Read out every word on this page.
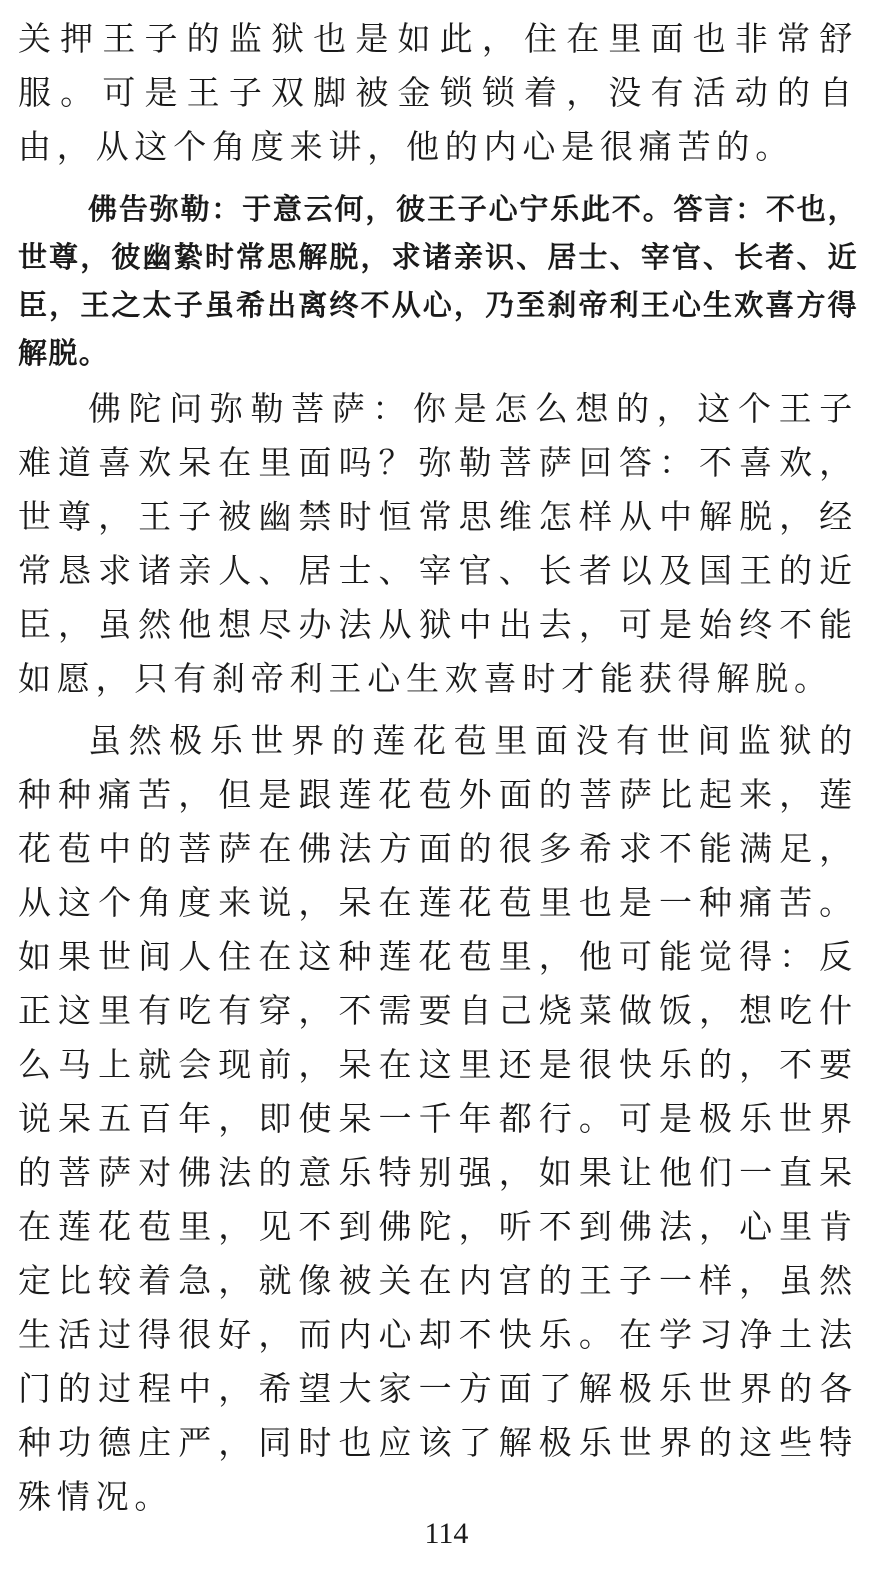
关押王子的监狱也是如此，住在里面也非常舒服。可是王子双脚被金锁锁着，没有活动的自由，从这个角度来讲，他的内心是很痛苦的。

佛告弥勒：于意云何，彼王子心宁乐此不。答言：不也，世尊，彼幽絷时常思解脱，求诸亲识、居士、宰官、长者、近臣，王之太子虽希出离终不从心，乃至刹帝利王心生欢喜方得解脱。

佛陀问弥勒菩萨：你是怎么想的，这个王子难道喜欢呆在里面吗？弥勒菩萨回答：不喜欢，世尊，王子被幽禁时恒常思维怎样从中解脱，经常恳求诸亲人、居士、宰官、长者以及国王的近臣，虽然他想尽办法从狱中出去，可是始终不能如愿，只有刹帝利王心生欢喜时才能获得解脱。

虽然极乐世界的莲花苞里面没有世间监狱的种种痛苦，但是跟莲花苞外面的菩萨比起来，莲花苞中的菩萨在佛法方面的很多希求不能满足，从这个角度来说，呆在莲花苞里也是一种痛苦。如果世间人住在这种莲花苞里，他可能觉得：反正这里有吃有穿，不需要自己烧菜做饭，想吃什么马上就会现前，呆在这里还是很快乐的，不要说呆五百年，即使呆一千年都行。可是极乐世界的菩萨对佛法的意乐特别强，如果让他们一直呆在莲花苞里，见不到佛陀，听不到佛法，心里肯定比较着急，就像被关在内宫的王子一样，虽然生活过得很好，而内心却不快乐。在学习净土法门的过程中，希望大家一方面了解极乐世界的各种功德庄严，同时也应该了解极乐世界的这些特殊情况。

114
